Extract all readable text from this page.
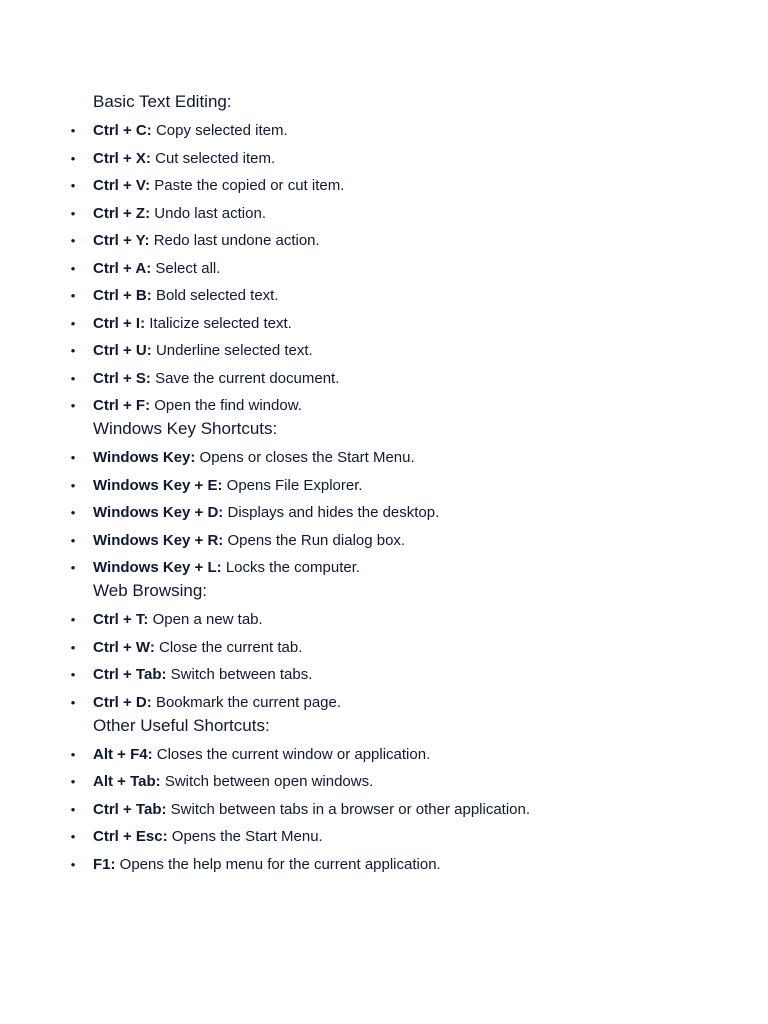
Basic Text Editing:
• Ctrl + C: Copy selected item.
• Ctrl + X: Cut selected item.
• Ctrl + V: Paste the copied or cut item.
• Ctrl + Z: Undo last action.
• Ctrl + Y: Redo last undone action.
• Ctrl + A: Select all.
• Ctrl + B: Bold selected text.
• Ctrl + I: Italicize selected text.
• Ctrl + U: Underline selected text.
• Ctrl + S: Save the current document.
• Ctrl + F: Open the find window.
Windows Key Shortcuts:
• Windows Key: Opens or closes the Start Menu.
• Windows Key + E: Opens File Explorer.
• Windows Key + D: Displays and hides the desktop.
• Windows Key + R: Opens the Run dialog box.
• Windows Key + L: Locks the computer.
Web Browsing:
• Ctrl + T: Open a new tab.
• Ctrl + W: Close the current tab.
• Ctrl + Tab: Switch between tabs.
• Ctrl + D: Bookmark the current page.
Other Useful Shortcuts:
• Alt + F4: Closes the current window or application.
• Alt + Tab: Switch between open windows.
• Ctrl + Tab: Switch between tabs in a browser or other application.
• Ctrl + Esc: Opens the Start Menu.
• F1: Opens the help menu for the current application.
